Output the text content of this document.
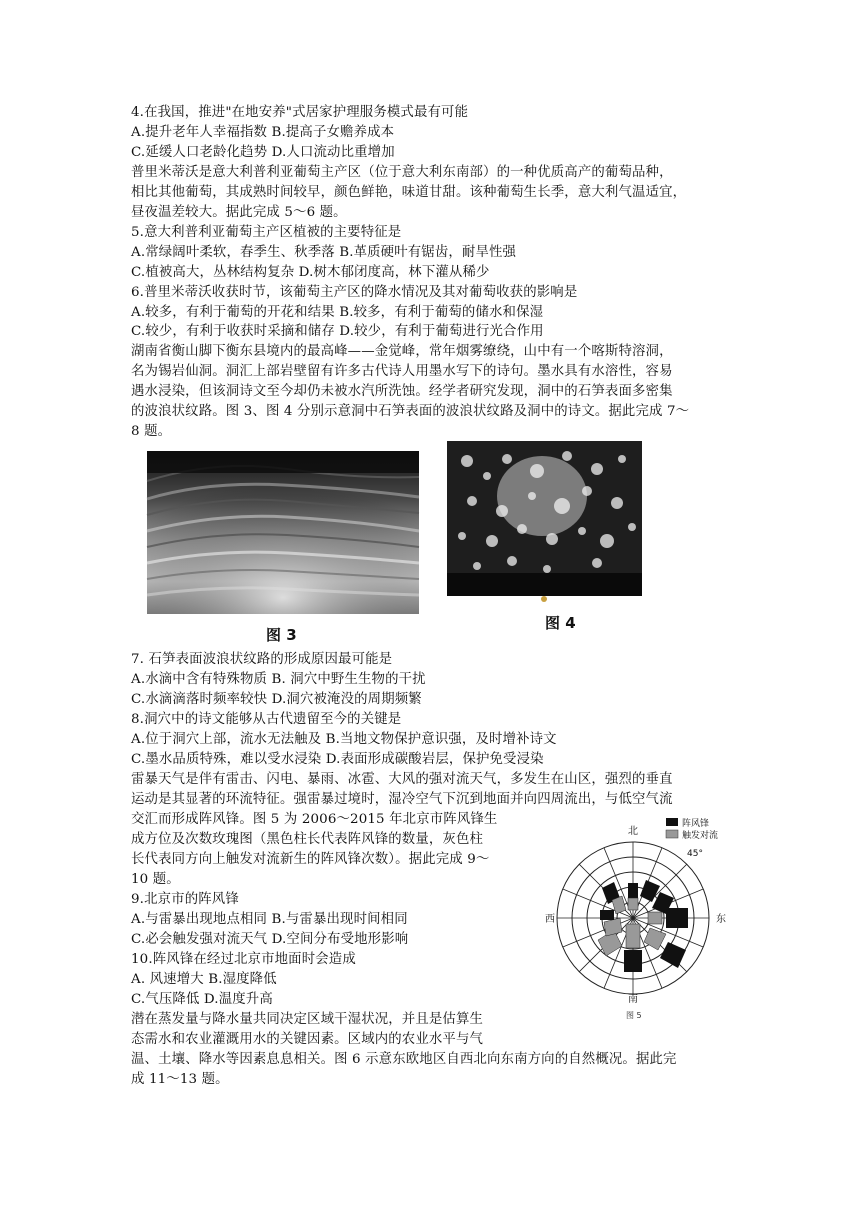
4.在我国，推进"在地安养"式居家护理服务模式最有可能
A.提升老年人幸福指数 B.提高子女赡养成本
C.延缓人口老龄化趋势 D.人口流动比重增加
普里米蒂沃是意大利普利亚葡萄主产区（位于意大利东南部）的一种优质高产的葡萄品种，
相比其他葡萄，其成熟时间较早，颜色鲜艳，味道甘甜。该种葡萄生长季，意大利气温适宜，
昼夜温差较大。据此完成 5～6 题。
5.意大利普利亚葡萄主产区植被的主要特征是
A.常绿阔叶柔软，春季生、秋季落 B.革质硬叶有锯齿，耐旱性强
C.植被高大，丛林结构复杂 D.树木郁闭度高，林下灌从稀少
6.普里米蒂沃收获时节，该葡萄主产区的降水情况及其对葡萄收获的影响是
A.较多，有利于葡萄的开花和结果 B.较多，有利于葡萄的储水和保湿
C.较少，有利于收获时采摘和储存 D.较少，有利于葡萄进行光合作用
湖南省衡山脚下衡东县境内的最高峰——金觉峰，常年烟雾缭绕，山中有一个喀斯特溶洞，
名为锡岩仙洞。洞汇上部岩壁留有许多古代诗人用墨水写下的诗句。墨水具有水溶性，容易
遇水浸染，但该洞诗文至今却仍未被水汽所洗蚀。经学者研究发现，洞中的石笋表面多密集
的波浪状纹路。图 3、图 4 分别示意洞中石笋表面的波浪状纹路及洞中的诗文。据此完成 7～
8 题。
图 3
图 4
7. 石笋表面波浪状纹路的形成原因最可能是
A.水滴中含有特殊物质 B. 洞穴中野生生物的干扰
C.水滴滴落时频率较快 D.洞穴被淹没的周期频繁
8.洞穴中的诗文能够从古代遗留至今的关键是
A.位于洞穴上部，流水无法触及 B.当地文物保护意识强，及时增补诗文
C.墨水品质特殊，难以受水浸染 D.表面形成碳酸岩层，保护免受浸染
雷暴天气是伴有雷击、闪电、暴雨、冰雹、大风的强对流天气，多发生在山区，强烈的垂直
运动是其显著的环流特征。强雷暴过境时，湿冷空气下沉到地面并向四周流出，与低空气流
交汇而形成阵风锋。图 5 为 2006～2015 年北京市阵风锋生
成方位及次数玫瑰图（黑色柱长代表阵风锋的数量，灰色柱
长代表同方向上触发对流新生的阵风锋次数）。据此完成 9～
10 题。
9.北京市的阵风锋
A.与雷暴出现地点相同 B.与雷暴出现时间相同
C.必会触发强对流天气 D.空间分布受地形影响
10.阵风锋在经过北京市地面时会造成
A. 风速增大 B.湿度降低
C.气压降低 D.温度升高
潜在蒸发量与降水量共同决定区域干湿状况，并且是估算生
态需水和农业灌溉用水的关键因素。区域内的农业水平与气
温、土壤、降水等因素息息相关。图 6 示意东欧地区自西北向东南方向的自然概况。据此完
成 11～13 题。
阵风锋
触发对流
北
南
东
西
45°
图 5
